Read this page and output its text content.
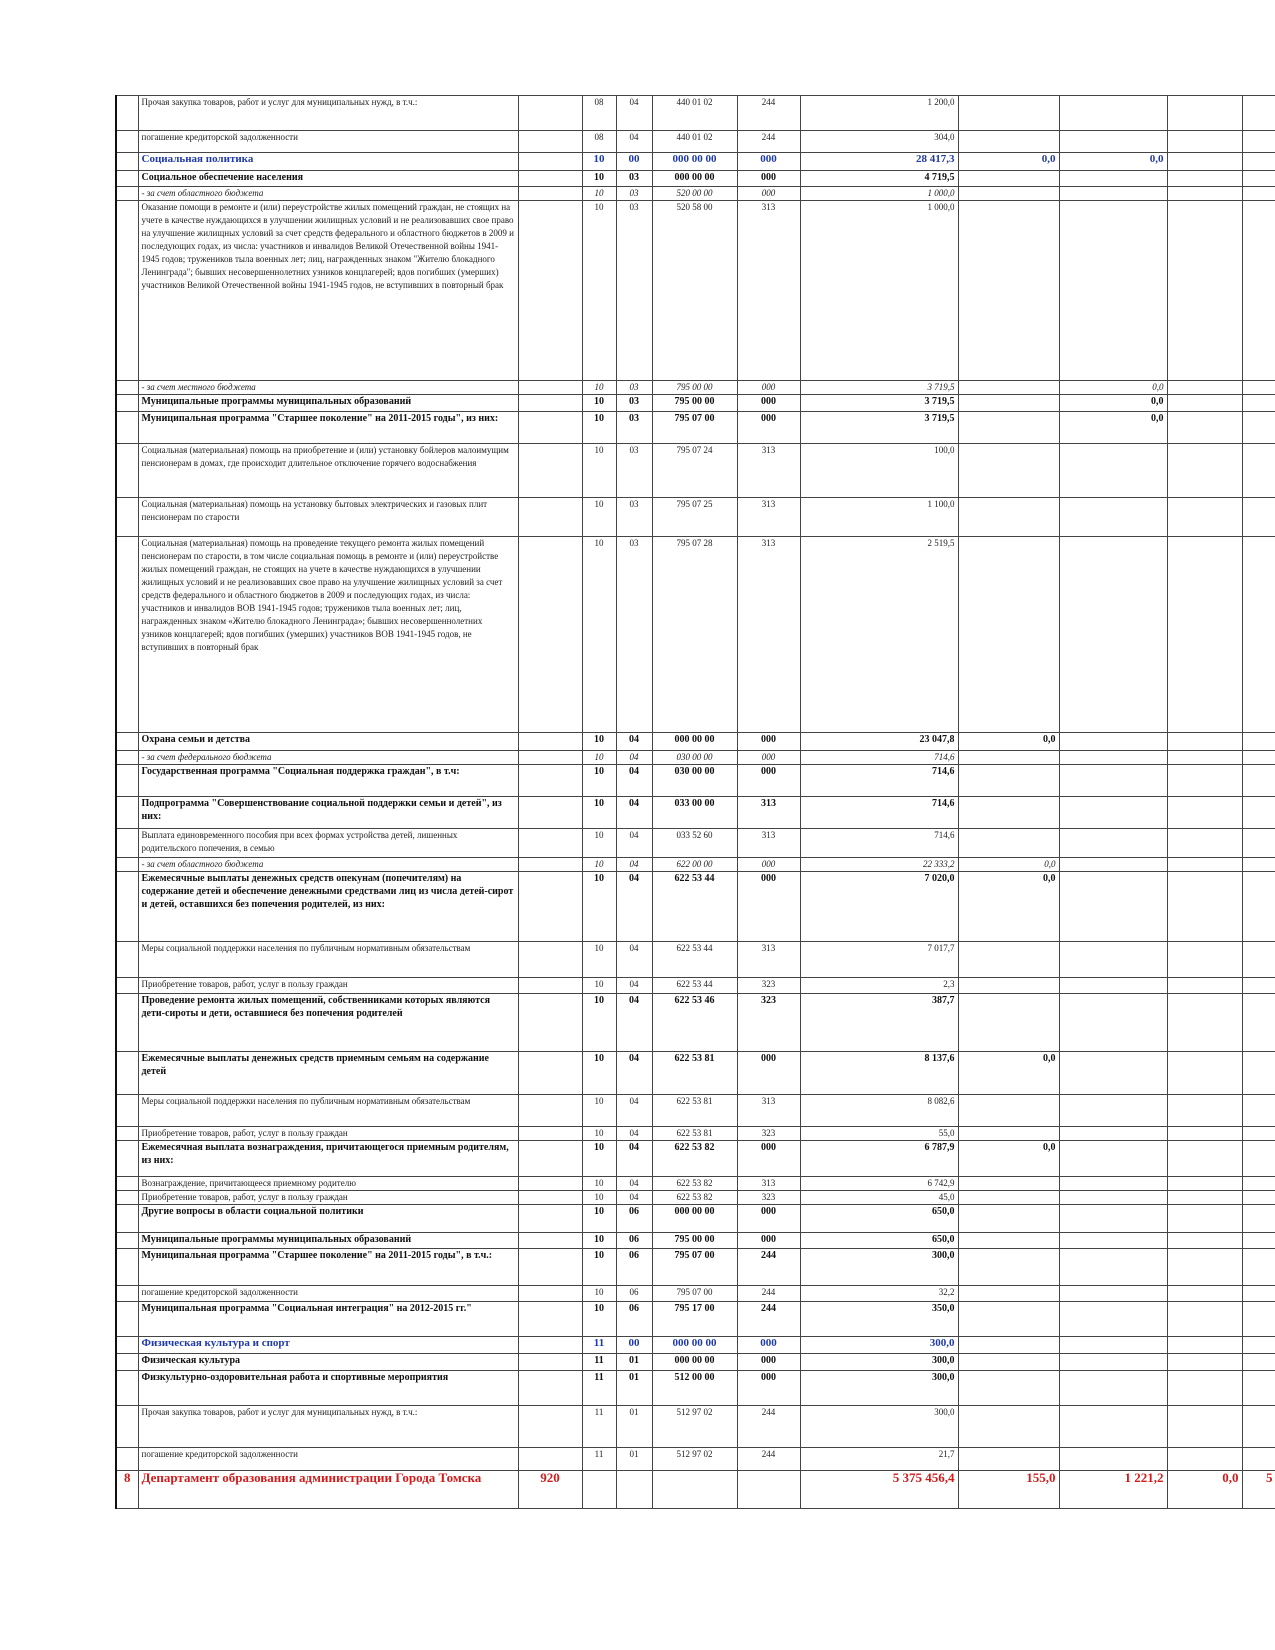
	Прочая закупка товаров, работ и услуг для муниципальных нужд, в т.ч.:		08	04	440 01 02	244	1 200,0				
	погашение кредиторской задолженности		08	04	440 01 02	244	304,0				
	Социальная политика		10	00	000 00 00	000	28 417,3	0,0	0,0		
	Социальное обеспечение населения		10	03	000 00 00	000	4 719,5				
	- за счет областного бюджета		10	03	520 00 00	000	1 000,0				
	Оказание помощи в ремонте и (или) переустройстве жилых помещений граждан, не стоящих на учете в качестве нуждающихся в улучшении жилищных условий и не реализовавших свое право на улучшение жилищных условий за счет средств федерального и областного бюджетов в 2009 и последующих годах, из числа: участников и инвалидов Великой Отечественной войны 1941-1945 годов; тружеников тыла военных лет; лиц, награжденных знаком "Жителю блокадного Ленинграда"; бывших несовершеннолетних узников концлагерей; вдов погибших (умерших) участников Великой Отечественной войны 1941-1945 годов, не вступивших в повторный брак		10	03	520 58 00	313	1 000,0				
	- за счет местного бюджета		10	03	795 00 00	000	3 719,5		0,0		
	Муниципальные программы муниципальных образований		10	03	795 00 00	000	3 719,5		0,0		
	Муниципальная программа "Старшее поколение" на 2011-2015 годы", из них:		10	03	795 07 00	000	3 719,5		0,0		
	Социальная (материальная) помощь на приобретение и (или) установку бойлеров малоимущим пенсионерам в домах, где происходит длительное отключение горячего водоснабжения		10	03	795 07 24	313	100,0				
	Социальная (материальная) помощь на установку бытовых электрических и газовых плит пенсионерам по старости		10	03	795 07 25	313	1 100,0				
	Социальная (материальная) помощь на проведение текущего ремонта жилых помещений пенсионерам по старости, в том числе социальная помощь в ремонте и (или) переустройстве жилых помещений граждан, не стоящих на учете в качестве нуждающихся в улучшении жилищных условий и не реализовавших свое право на улучшение жилищных условий за счет средств федерального и областного бюджетов в 2009 и последующих годах, из числа: участников и инвалидов ВОВ 1941-1945 годов; тружеников тыла военных лет; лиц, награжденных знаком «Жителю блокадного Ленинграда»; бывших несовершеннолетних узников концлагерей; вдов погибших (умерших) участников ВОВ 1941-1945 годов, не вступивших в повторный брак		10	03	795 07 28	313	2 519,5				
	Охрана семьи и детства		10	04	000 00 00	000	23 047,8	0,0			
	- за счет федерального бюджета		10	04	030 00 00	000	714,6				
	Государственная программа "Социальная поддержка граждан", в т.ч:		10	04	030 00 00	000	714,6				
	Подпрограмма "Совершенствование социальной поддержки семьи и детей", из них:		10	04	033 00 00	313	714,6				
	Выплата единовременного пособия при всех формах устройства детей, лишенных родительского попечения, в семью		10	04	033 52 60	313	714,6				
	- за счет областного бюджета		10	04	622 00 00	000	22 333,2	0,0			
	Ежемесячные выплаты денежных средств опекунам (попечителям) на содержание детей и обеспечение денежными средствами лиц из числа детей-сирот и детей, оставшихся без попечения родителей, из них:		10	04	622 53 44	000	7 020,0	0,0			
	Меры социальной поддержки населения по публичным нормативным обязательствам		10	04	622 53 44	313	7 017,7				
	Приобретение товаров, работ, услуг в пользу граждан		10	04	622 53 44	323	2,3				
	Проведение ремонта жилых помещений, собственниками которых являются дети-сироты и дети, оставшиеся без попечения родителей		10	04	622 53 46	323	387,7				
	Ежемесячные выплаты денежных средств приемным семьям на содержание детей		10	04	622 53 81	000	8 137,6	0,0			
	Меры социальной поддержки населения по публичным нормативным обязательствам		10	04	622 53 81	313	8 082,6				
	Приобретение товаров, работ, услуг в пользу граждан		10	04	622 53 81	323	55,0				
	Ежемесячная выплата вознаграждения, причитающегося приемным родителям, из них:		10	04	622 53 82	000	6 787,9	0,0			
	Вознаграждение, причитающееся приемному родителю		10	04	622 53 82	313	6 742,9				
	Приобретение товаров, работ, услуг в пользу граждан		10	04	622 53 82	323	45,0				
	Другие вопросы в области социальной политики		10	06	000 00 00	000	650,0				
	Муниципальные программы муниципальных образований		10	06	795 00 00	000	650,0				
	Муниципальная программа "Старшее поколение" на 2011-2015 годы", в т.ч.:		10	06	795 07 00	244	300,0				
	погашение кредиторской задолженности		10	06	795 07 00	244	32,2				
	Муниципальная программа "Социальная интеграция" на 2012-2015 гг."		10	06	795 17 00	244	350,0				
	Физическая культура и спорт		11	00	000 00 00	000	300,0				
	Физическая культура		11	01	000 00 00	000	300,0				
	Физкультурно-оздоровительная работа и спортивные мероприятия		11	01	512 00 00	000	300,0				
	Прочая закупка товаров, работ и услуг для муниципальных нужд, в т.ч.:		11	01	512 97 02	244	300,0				
	погашение кредиторской задолженности		11	01	512 97 02	244	21,7				
8	Департамент образования администрации Города Томска	920					5 375 456,4	155,0	1 221,2	0,0	5
